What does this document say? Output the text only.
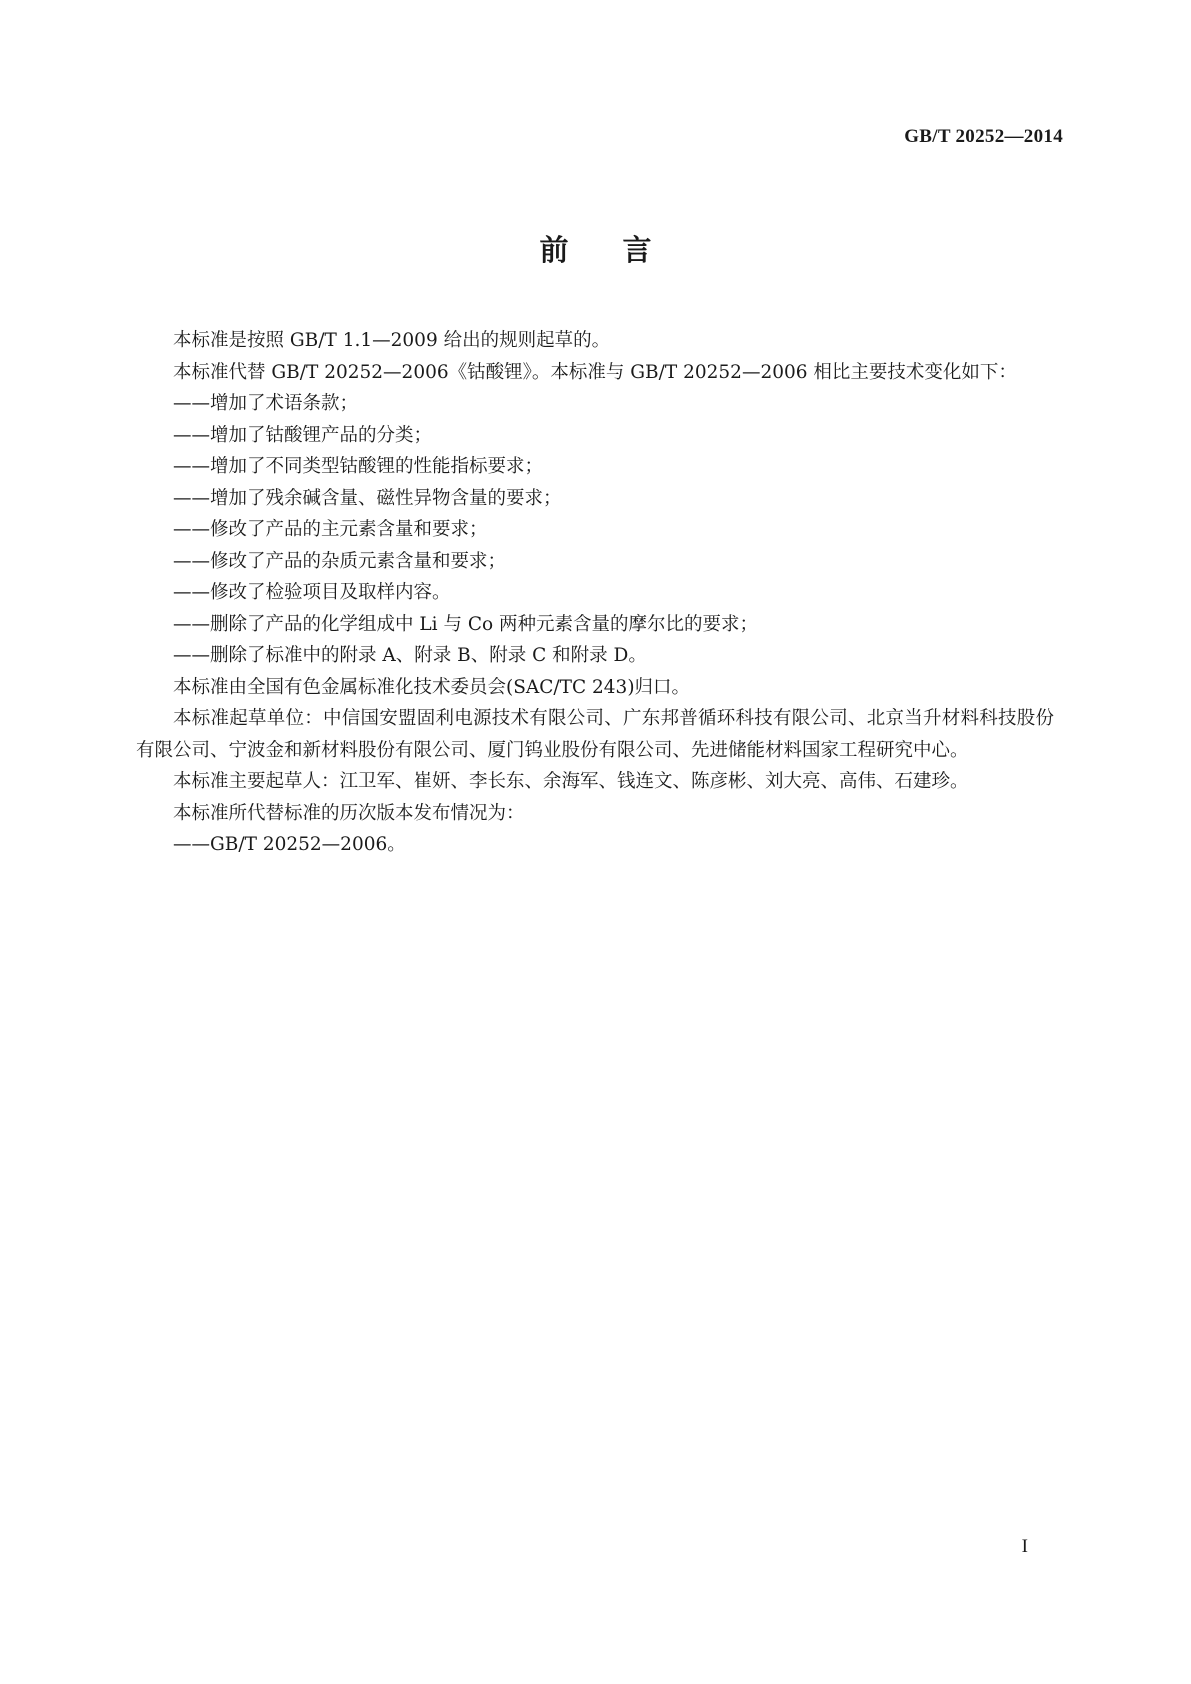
GB/T 20252—2014
前言

本标准是按照 GB/T 1.1—2009 给出的规则起草的。

本标准代替 GB/T 20252—2006《钴酸锂》。本标准与 GB/T 20252—2006 相比主要技术变化如下：

——增加了术语条款；

——增加了钴酸锂产品的分类；

——增加了不同类型钴酸锂的性能指标要求；

——增加了残余碱含量、磁性异物含量的要求；

——修改了产品的主元素含量和要求；

——修改了产品的杂质元素含量和要求；

——修改了检验项目及取样内容。

——删除了产品的化学组成中 Li 与 Co 两种元素含量的摩尔比的要求；

——删除了标准中的附录 A、附录 B、附录 C 和附录 D。

本标准由全国有色金属标准化技术委员会(SAC/TC 243)归口。

本标准起草单位：中信国安盟固利电源技术有限公司、广东邦普循环科技有限公司、北京当升材料科技股份有限公司、宁波金和新材料股份有限公司、厦门钨业股份有限公司、先进储能材料国家工程研究中心。

本标准主要起草人：江卫军、崔妍、李长东、余海军、钱连文、陈彦彬、刘大亮、高伟、石建珍。

本标准所代替标准的历次版本发布情况为：

——GB/T 20252—2006。

I
